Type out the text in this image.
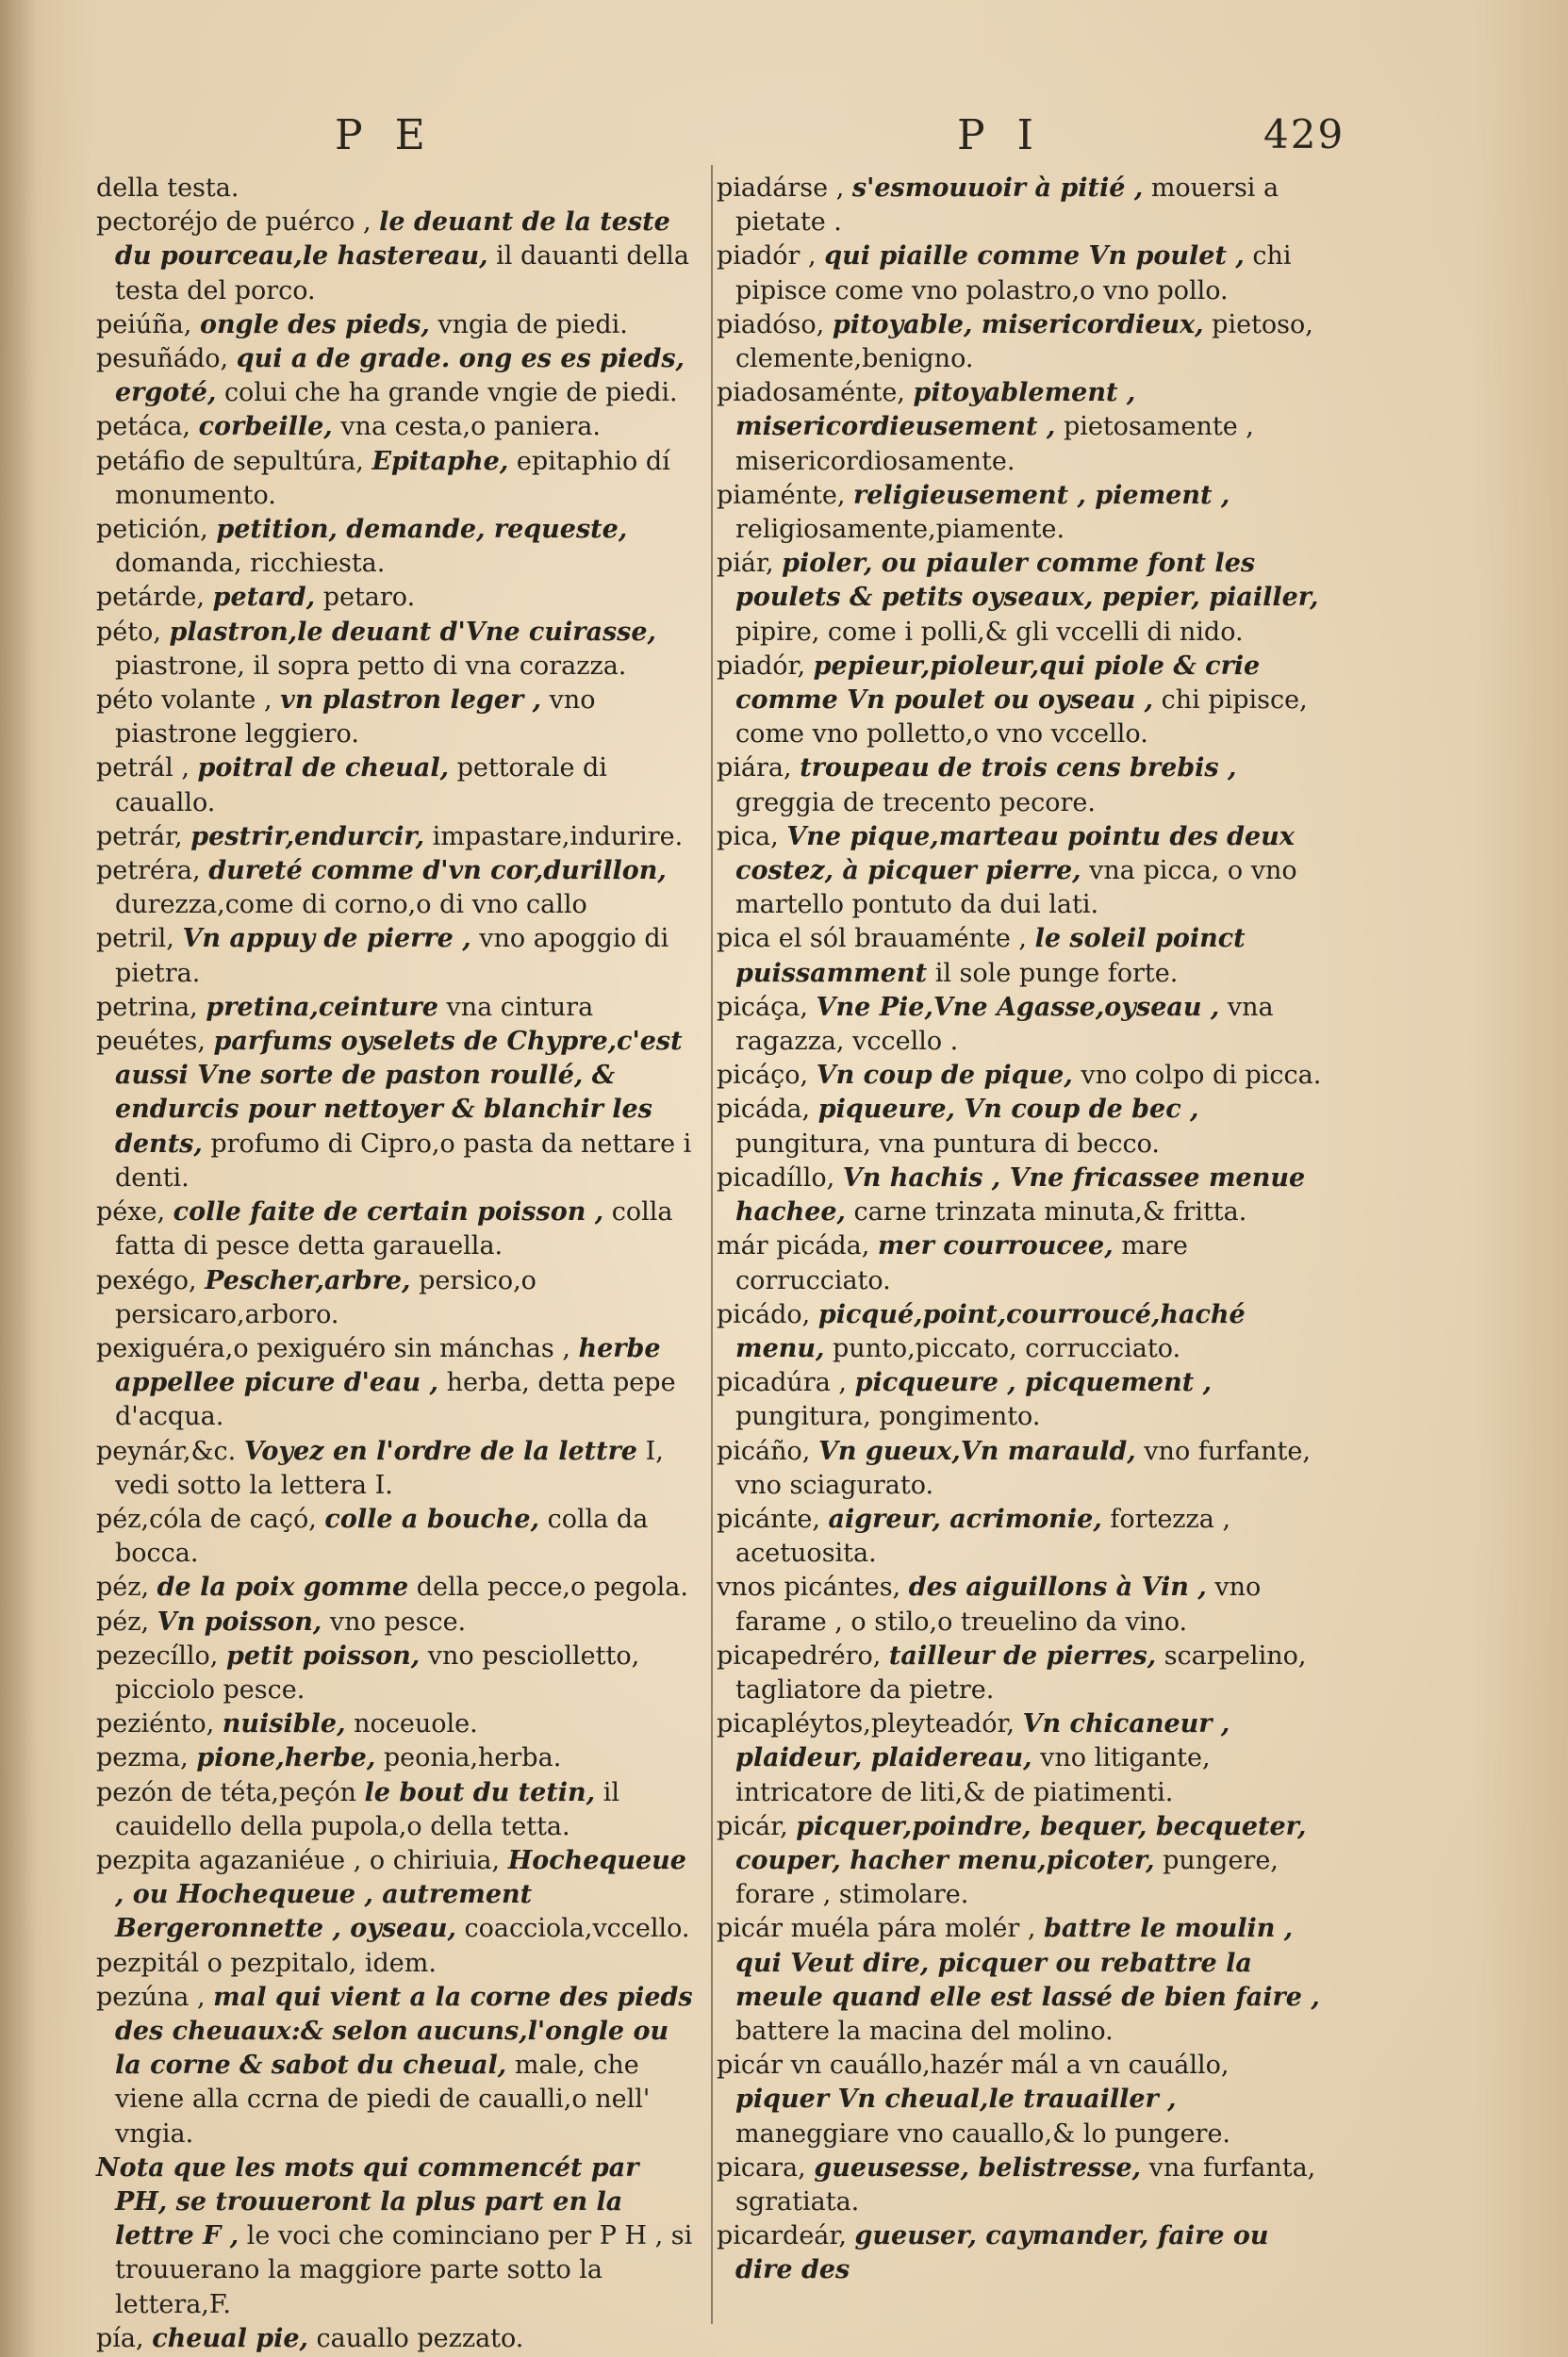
P E	P I	429

della testa.

pectoréjo de puérco , le deuant de la teste du pourceau,le hastereau, il dauanti della testa del porco.

peiúña, ongle des pieds, vngia de piedi.

pesuñádo, qui a de grade. ong es es pieds, ergoté, colui che ha grande vngie de piedi.

petáca, corbeille, vna cesta,o paniera.

petáfio de sepultúra, Epitaphe, epitaphio dí monumento.

petición, petition, demande, requeste, domanda, ricchiesta.

petárde, petard, petaro.

péto, plastron,le deuant d'Vne cuirasse, piastrone, il sopra petto di vna corazza.

péto volante , vn plastron leger , vno piastrone leggiero.

petrál , poitral de cheual, pettorale di cauallo.

petrár, pestrir,endurcir, impastare,indurire.

petréra, dureté comme d'vn cor,durillon, durezza,come di corno,o di vno callo

petril, Vn appuy de pierre , vno apoggio di pietra.

petrina, pretina,ceinture vna cintura

peuétes, parfums oyselets de Chypre,c'est aussi Vne sorte de paston roullé, & endurcis pour nettoyer & blanchir les dents, profumo di Cipro,o pasta da nettare i denti.

péxe, colle faite de certain poisson , colla fatta di pesce detta garauella.

pexégo, Pescher,arbre, persico,o persicaro,arboro.

pexiguéra,o pexiguéro sin mánchas , herbe appellee picure d'eau , herba, detta pepe d'acqua.

peynár,&c. Voyez en l'ordre de la lettre I, vedi sotto la lettera I.

péz,cóla de caçó, colle a bouche, colla da bocca.

péz, de la poix gomme della pecce,o pegola.

péz, Vn poisson, vno pesce.

pezecíllo, petit poisson, vno pesciolletto, picciolo pesce.

peziénto, nuisible, noceuole.

pezma, pione,herbe, peonia,herba.

pezón de téta,peçón le bout du tetin, il cauidello della pupola,o della tetta.

pezpita agazaniéue , o chiriuia, Hochequeue , ou Hochequeue , autrement Bergeronnette , oyseau, coacciola,vccello.

pezpitál o pezpitalo, idem.

pezúna , mal qui vient a la corne des pieds des cheuaux:& selon aucuns,l'ongle ou la corne & sabot du cheual, male, che viene alla ccrna de piedi de caualli,o nell' vngia.

Nota que les mots qui commencét par PH, se trouueront la plus part en la lettre F , le voci che cominciano per P H , si trouuerano la maggiore parte sotto la lettera,F.

pía, cheual pie, cauallo pezzato.

piadárse , s'esmouuoir à pitié , mouersi a pietate .

piadór , qui piaille comme Vn poulet , chi pipisce come vno polastro,o vno pollo.

piadóso, pitoyable, misericordieux, pietoso, clemente,benigno.

piadosaménte, pitoyablement , misericordieusement , pietosamente , misericordiosamente.

piaménte, religieusement , piement , religiosamente,piamente.

piár, pioler, ou piauler comme font les poulets & petits oyseaux, pepier, piailler, pipire, come i polli,& gli vccelli di nido.

piadór, pepieur,pioleur,qui piole & crie comme Vn poulet ou oyseau , chi pipisce, come vno polletto,o vno vccello.

piára, troupeau de trois cens brebis , greggia de trecento pecore.

pica, Vne pique,marteau pointu des deux costez, à picquer pierre, vna picca, o vno martello pontuto da dui lati.

pica el sól brauaménte , le soleil poinct puissamment il sole punge forte.

picáça, Vne Pie,Vne Agasse,oyseau , vna ragazza, vccello .

picáço, Vn coup de pique, vno colpo di picca.

picáda, piqueure, Vn coup de bec , pungitura, vna puntura di becco.

picadíllo, Vn hachis , Vne fricassee menue hachee, carne trinzata minuta,& fritta.

már picáda, mer courroucee, mare corrucciato.

picádo, picqué,point,courroucé,haché menu, punto,piccato, corrucciato.

picadúra , picqueure , picquement , pungitura, pongimento.

picáño, Vn gueux,Vn marauld, vno furfante, vno sciagurato.

picánte, aigreur, acrimonie, fortezza , acetuosita.

vnos picántes, des aiguillons à Vin , vno farame , o stilo,o treuelino da vino.

picapedréro, tailleur de pierres, scarpelino, tagliatore da pietre.

picapléytos,pleyteadór, Vn chicaneur , plaideur, plaidereau, vno litigante, intricatore de liti,& de piatimenti.

picár, picquer,poindre, bequer, becqueter, couper, hacher menu,picoter, pungere, forare , stimolare.

picár muéla pára molér , battre le moulin , qui Veut dire, picquer ou rebattre la meule quand elle est lassé de bien faire , battere la macina del molino.

picár vn cauállo,hazér mál a vn cauállo, piquer Vn cheual,le trauailler , maneggiare vno cauallo,& lo pungere.

picara, gueusesse, belistresse, vna furfanta, sgratiata.

picardeár, gueuser, caymander, faire ou dire des
